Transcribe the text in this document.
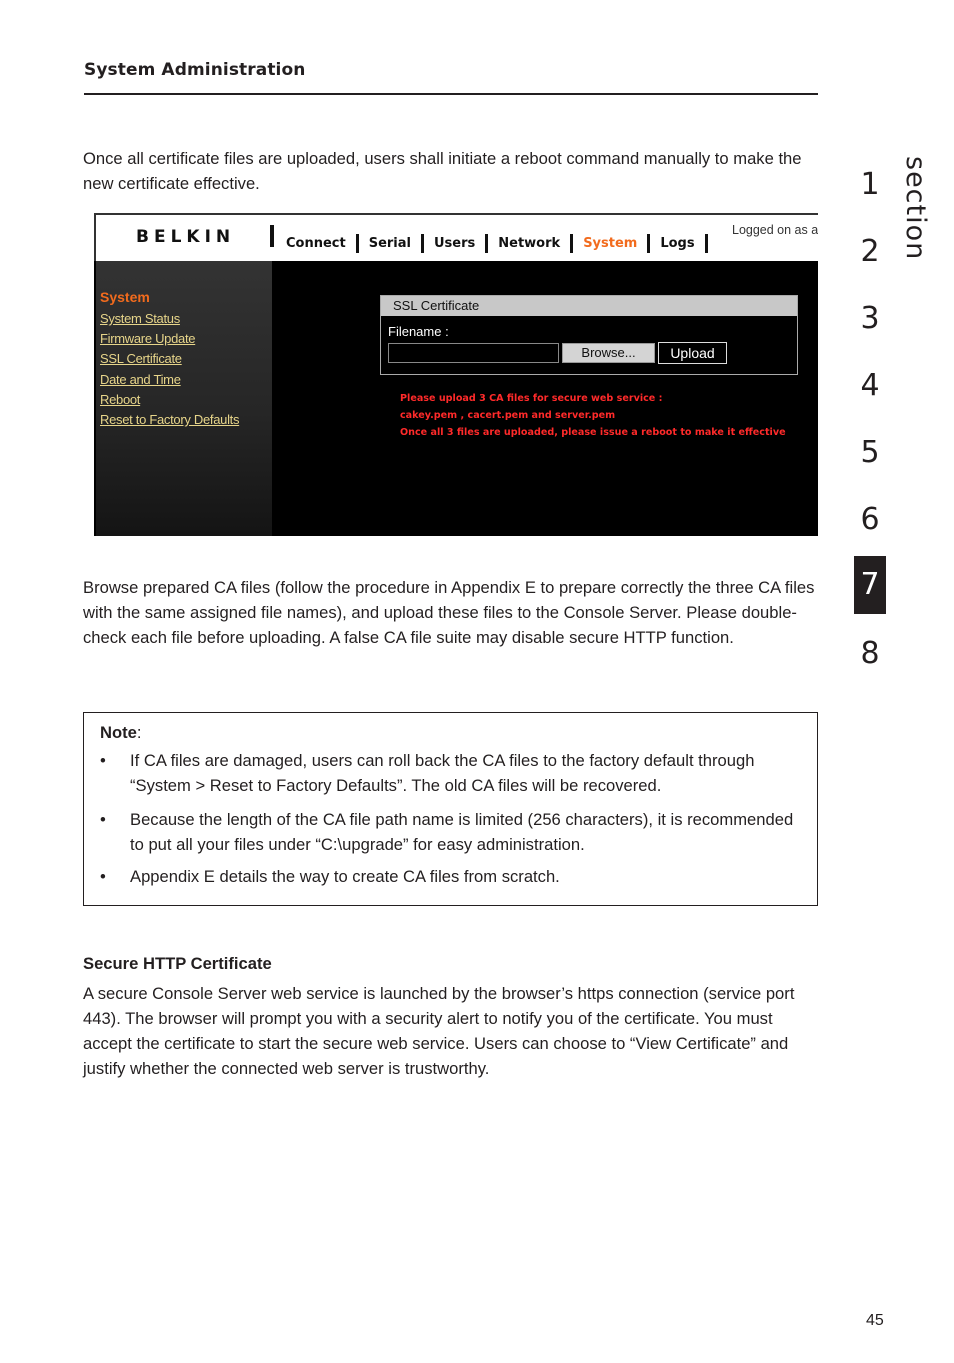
System Administration

Once all certificate files are uploaded, users shall initiate a reboot command manually to make the new certificate effective.

BELKIN	Connect Serial Users Network System Logs
Logged on as a
System
System Status
Firmware Update
SSL Certificate
Date and Time
Reboot
Reset to Factory Defaults
SSL Certificate
Filename :
Browse...	Upload
Please upload 3 CA files for secure web service :
cakey.pem , cacert.pem and server.pem
Once all 3 files are uploaded, please issue a reboot to make it effective

Browse prepared CA files (follow the procedure in Appendix E to prepare correctly the three CA files with the same assigned file names), and upload these files to the Console Server. Please double-check each file before uploading. A false CA file suite may disable secure HTTP function.

Note:
• If CA files are damaged, users can roll back the CA files to the factory default through “System > Reset to Factory Defaults”. The old CA files will be recovered.
• Because the length of the CA file path name is limited (256 characters), it is recommended to put all your files under “C:\upgrade” for easy administration.
• Appendix E details the way to create CA files from scratch.
Secure HTTP Certificate

A secure Console Server web service is launched by the browser’s https connection (service port 443). The browser will prompt you with a security alert to notify you of the certificate. You must accept the certificate to start the secure web service. Users can choose to “View Certificate” and justify whether the connected web server is trustworthy.

section
1
2
3
4
5
6
7
8
45
